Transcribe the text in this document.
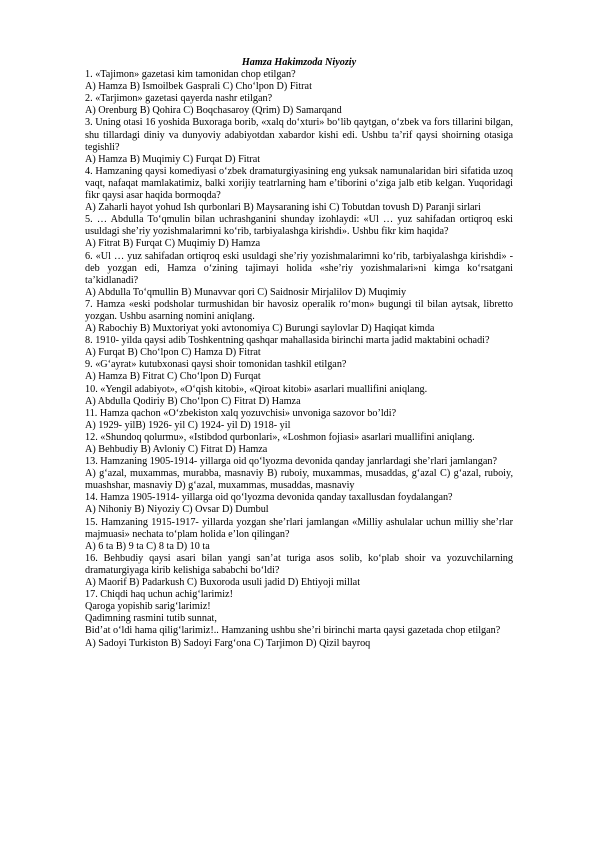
Hamza Hakimzoda Niyoziy

1. «Tajimon» gazetasi kim tamonidan chop etilgan?

A) Hamza B) Ismoilbek Gasprali C) Cho‘lpon D) Fitrat

2. «Tarjimon» gazetasi qayerda nashr etilgan?

A) Orenburg B) Qohira C) Boqchasaroy (Qrim) D) Samarqand

3. Uning otasi 16 yoshida Buxoraga borib, «xalq do‘xturi» bo‘lib qaytgan, o‘zbek va fors tillarini bilgan, shu tillardagi diniy va dunyoviy adabiyotdan xabardor kishi edi. Ushbu ta’rif qaysi shoirning otasiga tegishli?

A) Hamza B) Muqimiy C) Furqat D) Fitrat

4. Hamzaning qaysi komediyasi o‘zbek dramaturgiyasining eng yuksak namunalaridan biri sifatida uzoq vaqt, nafaqat mamlakatimiz, balki xorijiy teatrlarning ham e’tiborini o‘ziga jalb etib kelgan. Yuqoridagi fikr qaysi asar haqida bormoqda?

A) Zaharli hayot yohud Ish qurbonlari B) Maysaraning ishi C) Tobutdan tovush D) Paranji sirlari

5. … Abdulla To‘qmulin bilan uchrashganini shunday izohlaydi: «Ul … yuz sahifadan ortiqroq eski usuldagi she’riy yozishmalarimni ko‘rib, tarbiyalashga kirishdi». Ushbu fikr kim haqida?

A) Fitrat B) Furqat C) Muqimiy D) Hamza

6. «Ul … yuz sahifadan ortiqroq eski usuldagi she’riy yozishmalarimni ko‘rib, tarbiyalashga kirishdi» - deb yozgan edi, Hamza o‘zining tajimayi holida «she’riy yozishmalari»ni kimga ko‘rsatgani ta’kidlanadi?

A) Abdulla To‘qmullin B) Munavvar qori C) Saidnosir Mirjalilov D) Muqimiy

7. Hamza «eski podsholar turmushidan bir havosiz operalik ro‘mon» bugungi til bilan aytsak, libretto yozgan. Ushbu asarning nomini aniqlang.

A) Rabochiy B) Muxtoriyat yoki avtonomiya C) Burungi saylovlar D) Haqiqat kimda

8. 1910- yilda qaysi adib Toshkentning qashqar mahallasida birinchi marta jadid maktabini ochadi?

A) Furqat B) Cho‘lpon C) Hamza D) Fitrat

9. «G‘ayrat» kutubxonasi qaysi shoir tomonidan tashkil etilgan?

A) Hamza B) Fitrat C) Cho‘lpon D) Furqat

10. «Yengil adabiyot», «O‘qish kitobi», «Qiroat kitobi» asarlari muallifini aniqlang.

A) Abdulla Qodiriy B) Cho‘lpon C) Fitrat D) Hamza

11. Hamza qachon «O‘zbekiston xalq yozuvchisi» unvoniga sazovor bo’ldi?

A) 1929- yilB) 1926- yil C) 1924- yil D) 1918- yil

12. «Shundoq qolurmu», «Istibdod qurbonlari», «Loshmon fojiasi» asarlari muallifini aniqlang.

A) Behbudiy B) Avloniy C) Fitrat D) Hamza

13. Hamzaning 1905-1914- yillarga oid qo‘lyozma devonida qanday janrlardagi she’rlari jamlangan?

A) g‘azal, muxammas, murabba, masnaviy B) ruboiy, muxammas, musaddas, g‘azal C) g‘azal, ruboiy, muashshar, masnaviy D) g‘azal, muxammas, musaddas, masnaviy

14. Hamza 1905-1914- yillarga oid qo‘lyozma devonida qanday taxallusdan foydalangan?

A) Nihoniy B) Niyoziy C) Ovsar D) Dumbul

15. Hamzaning 1915-1917- yillarda yozgan she’rlari jamlangan «Milliy ashulalar uchun milliy she’rlar majmuasi» nechata to‘plam holida e’lon qilingan?

A) 6 ta B) 9 ta C) 8 ta D) 10 ta

16. Behbudiy qaysi asari bilan yangi san’at turiga asos solib, ko‘plab shoir va yozuvchilarning dramaturgiyaga kirib kelishiga sababchi bo‘ldi?

A) Maorif B) Padarkush C) Buxoroda usuli jadid D) Ehtiyoji millat

17. Chiqdi haq uchun achig‘larimiz!

Qaroga yopishib sarig‘larimiz!

Qadimning rasmini tutib sunnat,

Bid’at o‘ldi hama qilig‘larimiz!.. Hamzaning ushbu she’ri birinchi marta qaysi gazetada chop etilgan?

A) Sadoyi Turkiston B) Sadoyi Farg‘ona C) Tarjimon D) Qizil bayroq
